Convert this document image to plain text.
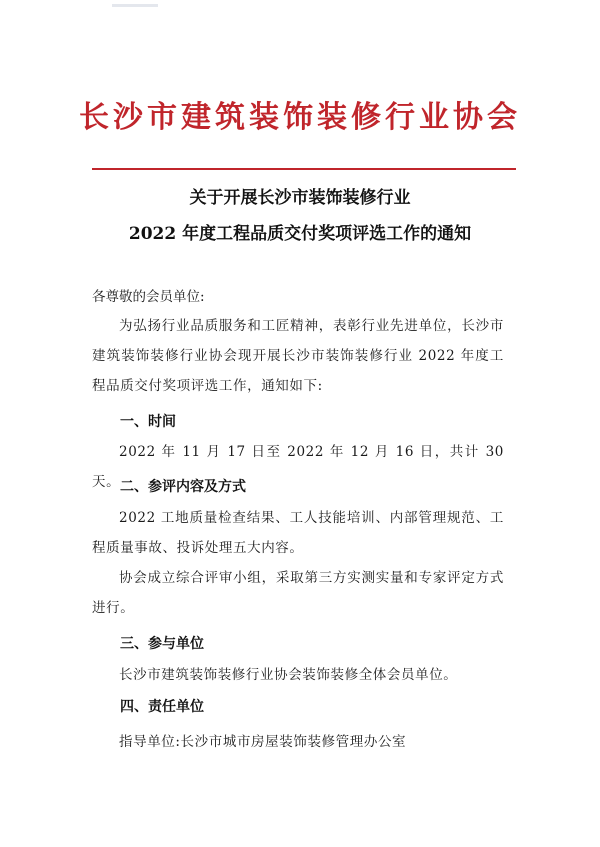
长沙市建筑装饰装修行业协会
关于开展长沙市装饰装修行业
2022 年度工程品质交付奖项评选工作的通知
各尊敬的会员单位:
为弘扬行业品质服务和工匠精神，表彰行业先进单位，长沙市建筑装饰装修行业协会现开展长沙市装饰装修行业 2022 年度工程品质交付奖项评选工作，通知如下:
一、时间
2022 年 11 月 17 日至 2022 年 12 月 16 日，共计 30 天。 二、参评内容及方式
2022 工地质量检查结果、工人技能培训、内部管理规范、工程质量事故、投诉处理五大内容。
协会成立综合评审小组，采取第三方实测实量和专家评定方式进行。
三、参与单位
长沙市建筑装饰装修行业协会装饰装修全体会员单位。
四、责任单位
指导单位:长沙市城市房屋装饰装修管理办公室
